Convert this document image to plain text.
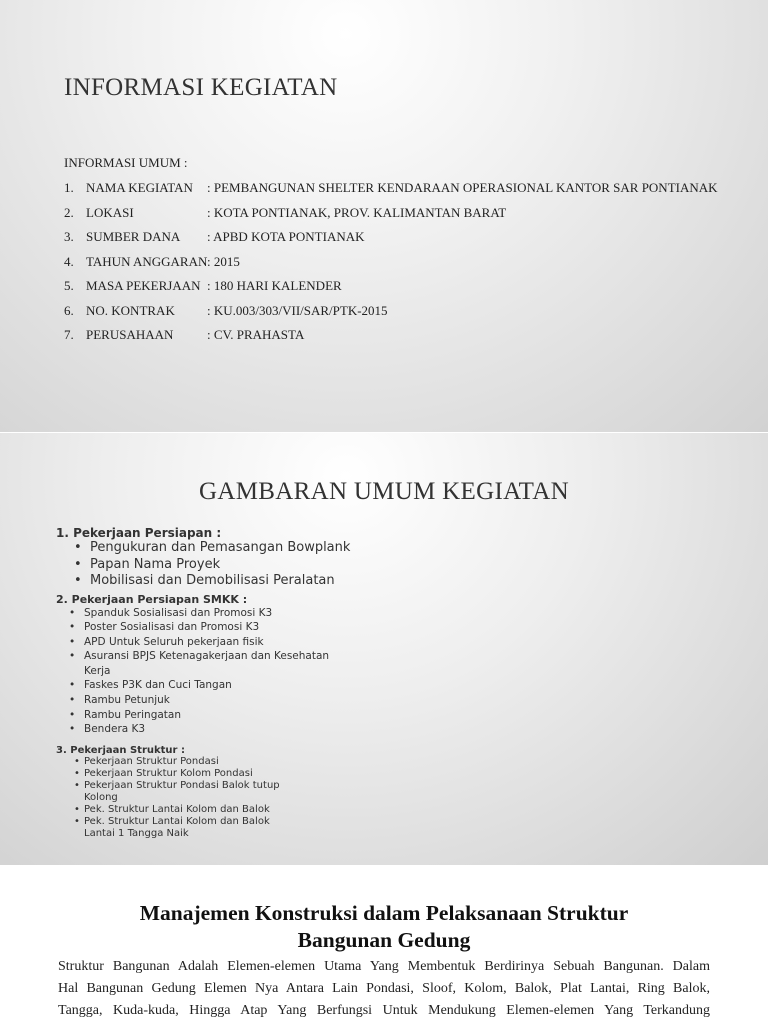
INFORMASI KEGIATAN

INFORMASI UMUM :

1. NAMA KEGIATAN	: PEMBANGUNAN SHELTER KENDARAAN OPERASIONAL KANTOR SAR PONTIANAK
2. LOKASI	: KOTA PONTIANAK, PROV. KALIMANTAN BARAT
3. SUMBER DANA	: APBD KOTA PONTIANAK
4. TAHUN ANGGARAN : 2015
5. MASA PEKERJAAN : 180 HARI KALENDER
6. NO. KONTRAK	: KU.003/303/VII/SAR/PTK-2015
7. PERUSAHAAN	: CV. PRAHASTA
GAMBARAN UMUM KEGIATAN

1. Pekerjaan Persiapan :

• Pengukuran dan Pemasangan Bowplank
• Papan Nama Proyek
• Mobilisasi dan Demobilisasi Peralatan

2. Pekerjaan Persiapan SMKK :

• Spanduk Sosialisasi dan Promosi K3
• Poster Sosialisasi dan Promosi K3
• APD Untuk Seluruh pekerjaan fisik
• Asuransi BPJS Ketenagakerjaan dan Kesehatan
Kerja
• Faskes P3K dan Cuci Tangan
• Rambu Petunjuk
• Rambu Peringatan
• Bendera K3

3. Pekerjaan Struktur :

• Pekerjaan Struktur Pondasi
• Pekerjaan Struktur Kolom Pondasi
• Pekerjaan Struktur Pondasi Balok tutup
Kolong
• Pek. Struktur Lantai Kolom dan Balok
• Pek. Struktur Lantai Kolom dan Balok
Lantai 1 Tangga Naik
Manajemen Konstruksi dalam Pelaksanaan Struktur
Bangunan Gedung

Struktur Bangunan Adalah Elemen-elemen Utama Yang Membentuk Berdirinya Sebuah Bangunan. Dalam

Hal Bangunan Gedung Elemen Nya Antara Lain Pondasi, Sloof, Kolom, Balok, Plat Lantai, Ring Balok,

Tangga, Kuda-kuda, Hingga Atap Yang Berfungsi Untuk Mendukung Elemen-elemen Yang Terkandung
